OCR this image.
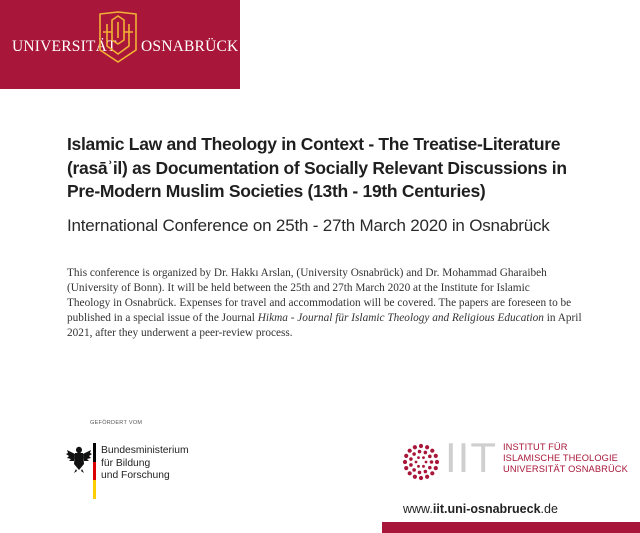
UNIVERSITÄT OSNABRÜCK
Islamic Law and Theology in Context - The Treatise-Literature
(rasāʾil) as Documentation of Socially Relevant Discussions in
Pre-Modern Muslim Societies (13th - 19th Centuries)
International Conference on 25th - 27th March 2020 in Osnabrück
This conference is organized by Dr. Hakkı Arslan, (University Osnabrück) and Dr. Mohammad Gharaibeh
(University of Bonn). It will be held between the 25th and 27th March 2020 at the Institute for Islamic
Theology in Osnabrück. Expenses for travel and accommodation will be covered. The papers are foreseen to be
published in a special issue of the Journal Hikma - Journal für Islamic Theology and Religious Education in April
2021, after they underwent a peer-review process.
GEFÖRDERT VOM
Bundesministerium
für Bildung
und Forschung	IIT INSTITUT FÜR
ISLAMISCHE THEOLOGIE
UNIVERSITÄT OSNABRÜCK
www.iit.uni-osnabrueck.de
